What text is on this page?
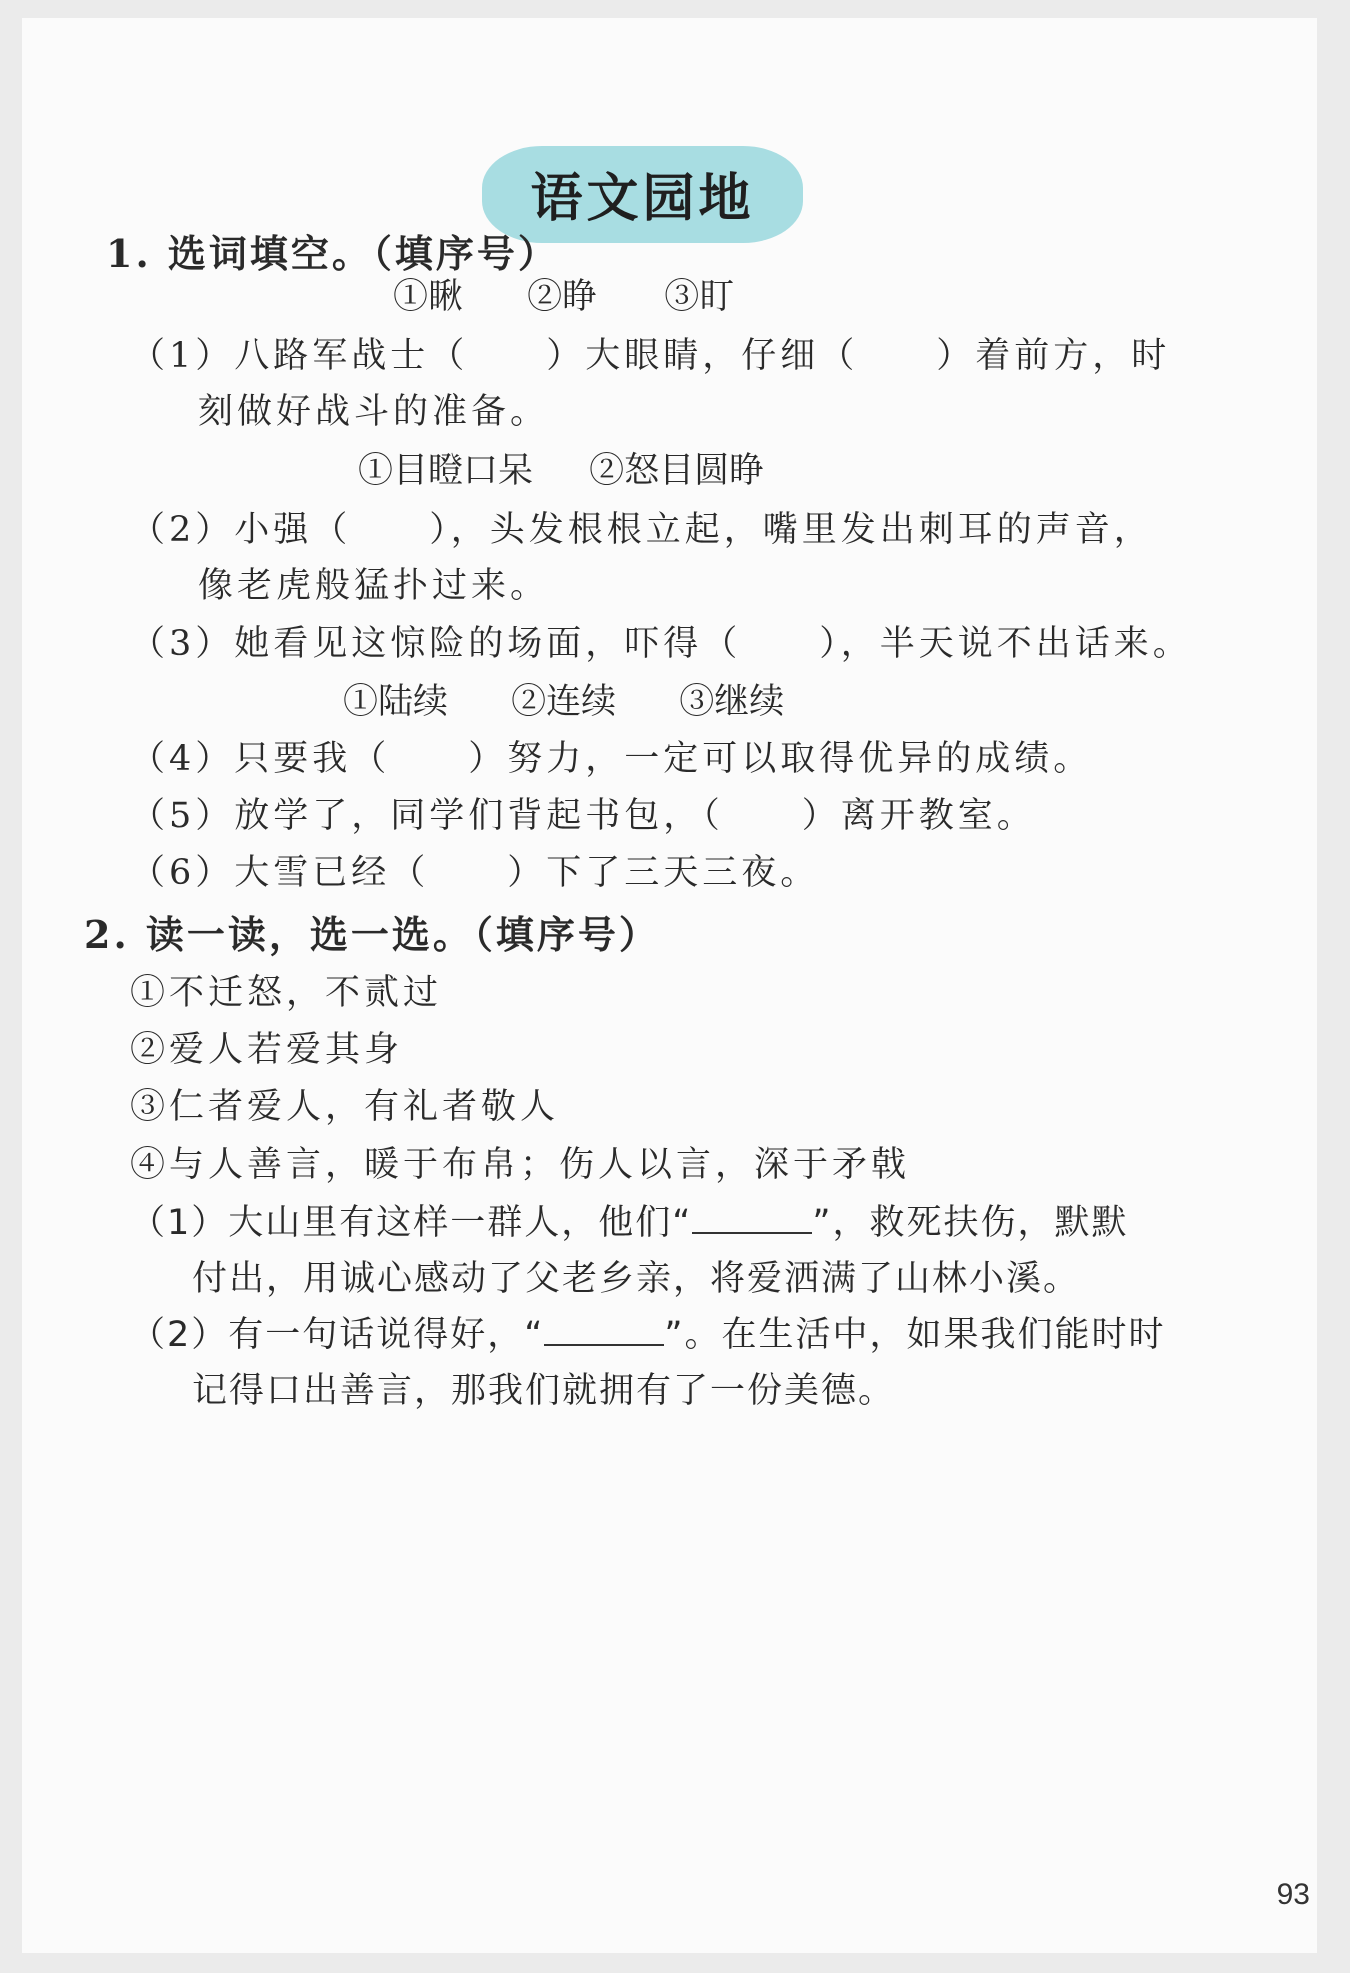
语文园地
1. 选词填空。（填序号）
①瞅 ②睁 ③盯
（1）八路军战士（　　）大眼睛，仔细（　　）着前方，时
刻做好战斗的准备。
①目瞪口呆 ②怒目圆睁
（2）小强（　　），头发根根立起，嘴里发出刺耳的声音，
像老虎般猛扑过来。
（3）她看见这惊险的场面，吓得（　　），半天说不出话来。
①陆续 ②连续 ③继续
（4）只要我（　　）努力，一定可以取得优异的成绩。
（5）放学了，同学们背起书包，（　　）离开教室。
（6）大雪已经（　　）下了三天三夜。
2. 读一读，选一选。（填序号）
①不迁怒，不贰过
②爱人若爱其身
③仁者爱人，有礼者敬人
④与人善言，暖于布帛；伤人以言，深于矛戟
（1）大山里有这样一群人，他们“	”，救死扶伤，默默
付出，用诚心感动了父老乡亲，将爱洒满了山林小溪。
（2）有一句话说得好，“	”。在生活中，如果我们能时时
记得口出善言，那我们就拥有了一份美德。
93
